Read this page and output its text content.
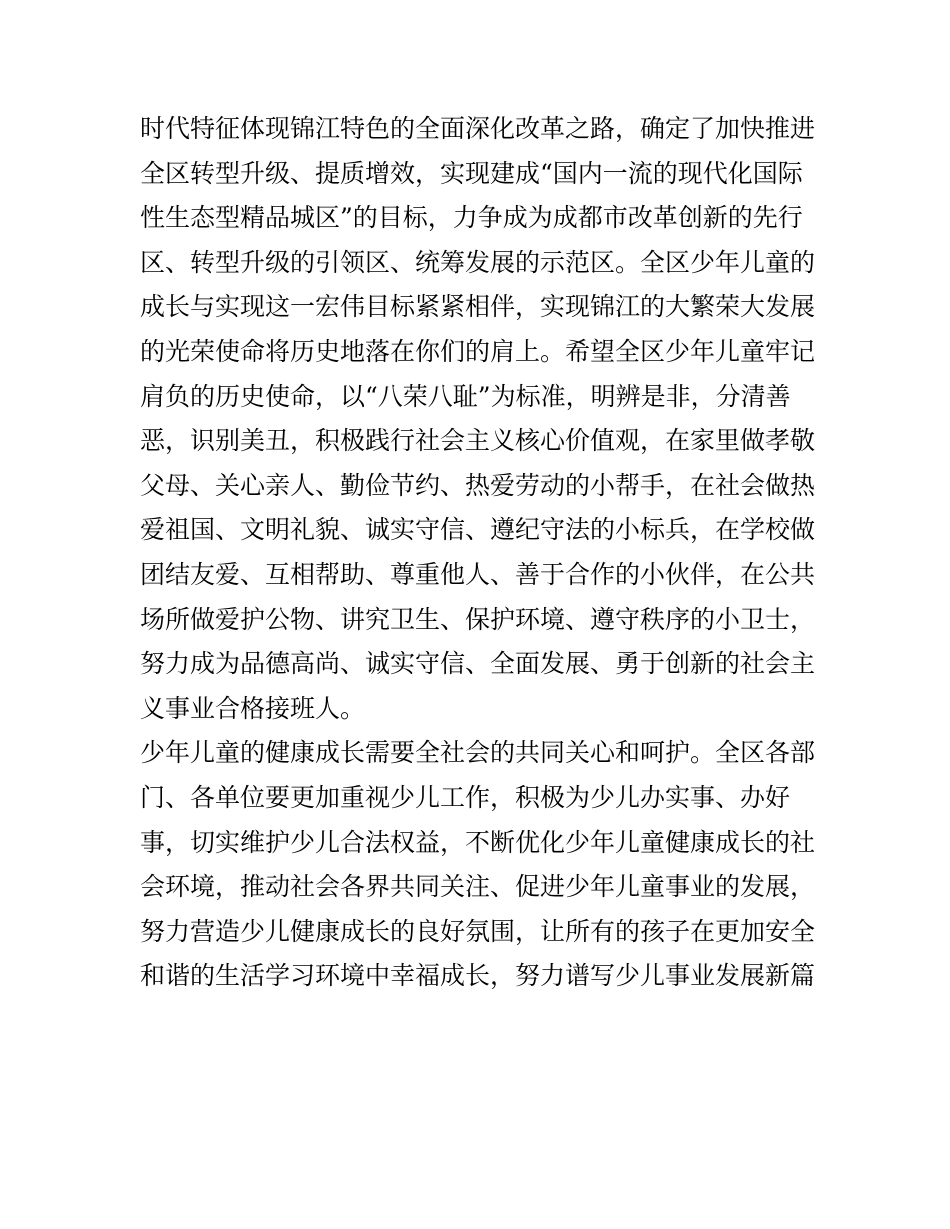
时代特征体现锦江特色的全面深化改革之路，确定了加快推进
全区转型升级、提质增效，实现建成“国内一流的现代化国际
性生态型精品城区”的目标，力争成为成都市改革创新的先行
区、转型升级的引领区、统筹发展的示范区。全区少年儿童的
成长与实现这一宏伟目标紧紧相伴，实现锦江的大繁荣大发展
的光荣使命将历史地落在你们的肩上。希望全区少年儿童牢记
肩负的历史使命，以“八荣八耻”为标准，明辨是非，分清善
恶，识别美丑，积极践行社会主义核心价值观，在家里做孝敬
父母、关心亲人、勤俭节约、热爱劳动的小帮手，在社会做热
爱祖国、文明礼貌、诚实守信、遵纪守法的小标兵，在学校做
团结友爱、互相帮助、尊重他人、善于合作的小伙伴，在公共
场所做爱护公物、讲究卫生、保护环境、遵守秩序的小卫士，
努力成为品德高尚、诚实守信、全面发展、勇于创新的社会主
义事业合格接班人。
少年儿童的健康成长需要全社会的共同关心和呵护。全区各部
门、各单位要更加重视少儿工作，积极为少儿办实事、办好
事，切实维护少儿合法权益，不断优化少年儿童健康成长的社
会环境，推动社会各界共同关注、促进少年儿童事业的发展，
努力营造少儿健康成长的良好氛围，让所有的孩子在更加安全
和谐的生活学习环境中幸福成长，努力谱写少儿事业发展新篇
